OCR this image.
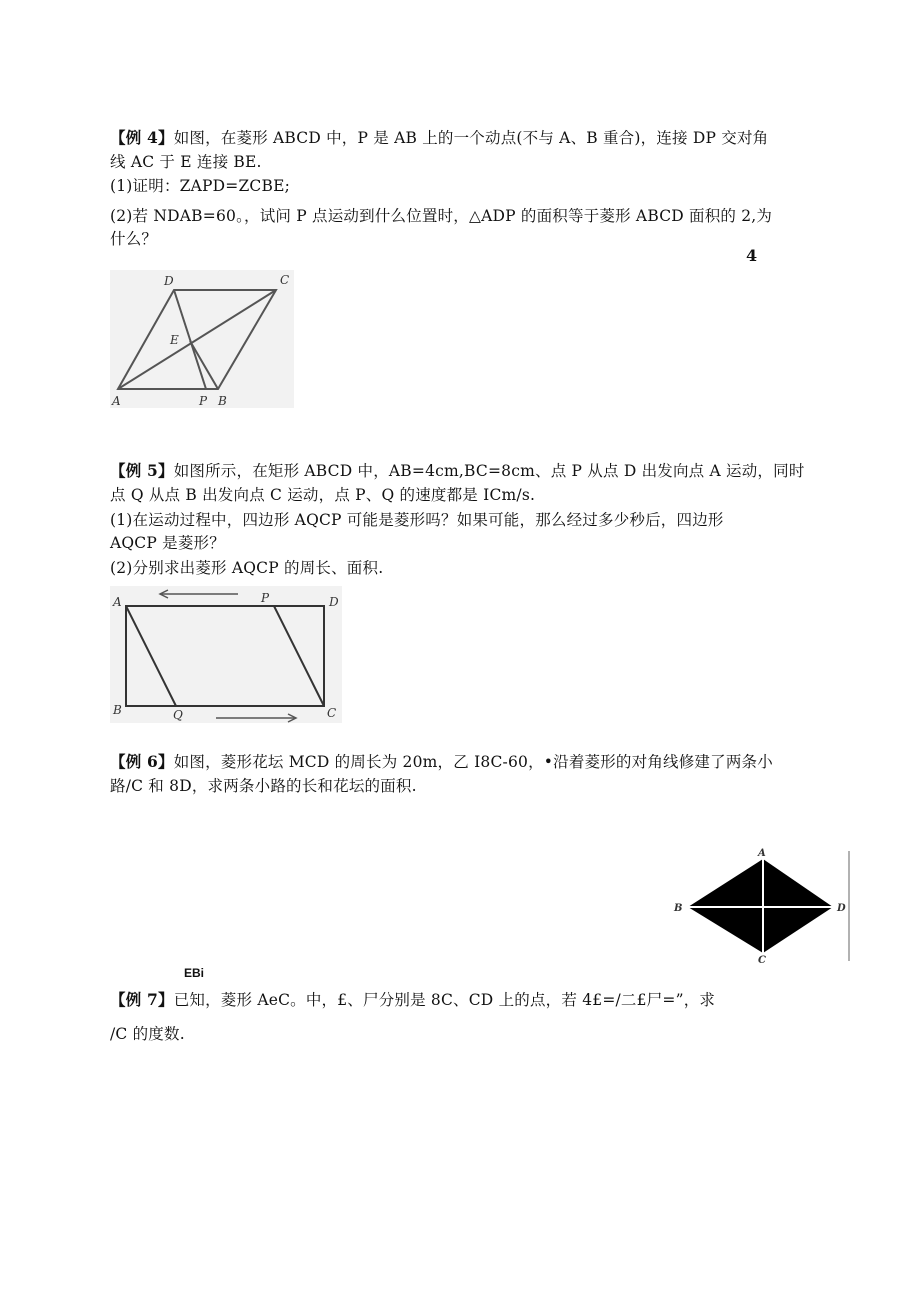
【例 4】如图，在菱形 ABCD 中，P 是 AB 上的一个动点(不与 A、B 重合)，连接 DP 交对角
线 AC 于 E 连接 BE.
(1)证明：ZAPD=ZCBE;
(2)若 NDAB=60。，试问 P 点运动到什么位置时，△ADP 的面积等于菱形 ABCD 面积的 2,为
什么？
4
D	C
E
A	P B
【例 5】如图所示，在矩形 ABCD 中，AB=4cm,BC=8cm、点 P 从点 D 出发向点 A 运动，同时
点 Q 从点 B 出发向点 C 运动，点 P、Q 的速度都是 ICm/s.
(1)在运动过程中，四边形 AQCP 可能是菱形吗？如果可能，那么经过多少秒后，四边形
AQCP 是菱形？
(2)分别求出菱形 AQCP 的周长、面积.
A	P	D
B	Q	C
【例 6】如图，菱形花坛 MCD 的周长为 20m，乙 I8C-60，•沿着菱形的对角线修建了两条小
路/C 和 8D，求两条小路的长和花坛的面积.
A
B
C
D
EBi
【例 7】已知，菱形 AeC。中，£、尸分别是 8C、CD 上的点，若 4£=/二£尸=”，求
/C 的度数.
